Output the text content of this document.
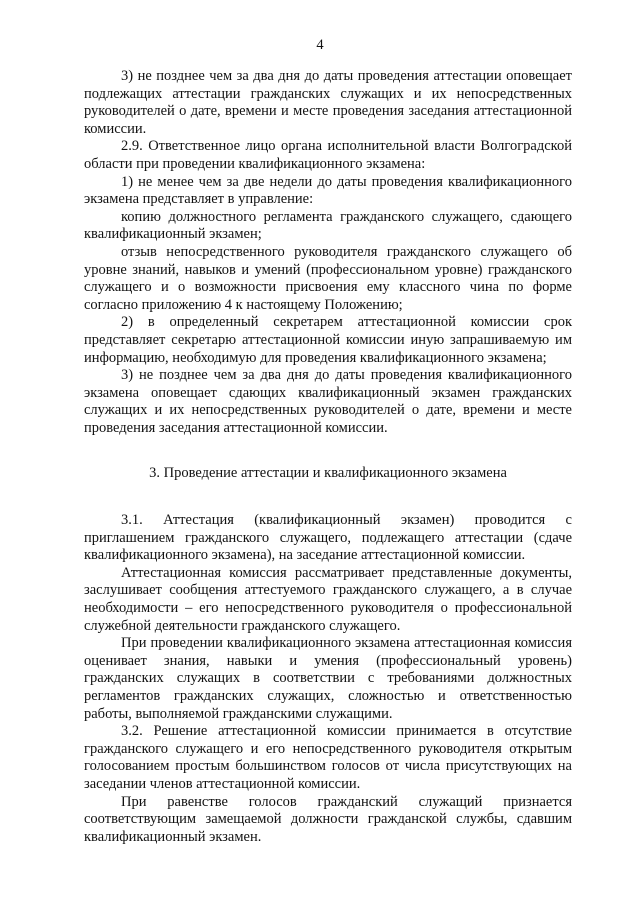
4

3) не позднее чем за два дня до даты проведения аттестации оповещает подлежащих аттестации гражданских служащих и их непосредственных руководителей о дате, времени и месте проведения заседания аттестационной комиссии.

2.9. Ответственное лицо органа исполнительной власти Волгоградской области при проведении квалификационного экзамена:

1) не менее чем за две недели до даты проведения квалификационного экзамена представляет в управление:

копию должностного регламента гражданского служащего, сдающего квалификационный экзамен;

отзыв непосредственного руководителя гражданского служащего об уровне знаний, навыков и умений (профессиональном уровне) гражданского служащего и о возможности присвоения ему классного чина по форме согласно приложению 4 к настоящему Положению;

2) в определенный секретарем аттестационной комиссии срок представляет секретарю аттестационной комиссии иную запрашиваемую им информацию, необходимую для проведения квалификационного экзамена;

3) не позднее чем за два дня до даты проведения квалификационного экзамена оповещает сдающих квалификационный экзамен гражданских служащих и их непосредственных руководителей о дате, времени и месте проведения заседания аттестационной комиссии.

3. Проведение аттестации и квалификационного экзамена

3.1. Аттестация (квалификационный экзамен) проводится с приглашением гражданского служащего, подлежащего аттестации (сдаче квалификационного экзамена), на заседание аттестационной комиссии.

Аттестационная комиссия рассматривает представленные документы, заслушивает сообщения аттестуемого гражданского служащего, а в случае необходимости – его непосредственного руководителя о профессиональной служебной деятельности гражданского служащего.

При проведении квалификационного экзамена аттестационная комиссия оценивает знания, навыки и умения (профессиональный уровень) гражданских служащих в соответствии с требованиями должностных регламентов гражданских служащих, сложностью и ответственностью работы, выполняемой гражданскими служащими.

3.2. Решение аттестационной комиссии принимается в отсутствие гражданского служащего и его непосредственного руководителя открытым голосованием простым большинством голосов от числа присутствующих на заседании членов аттестационной комиссии.

При равенстве голосов гражданский служащий признается соответствующим замещаемой должности гражданской службы, сдавшим квалификационный экзамен.
